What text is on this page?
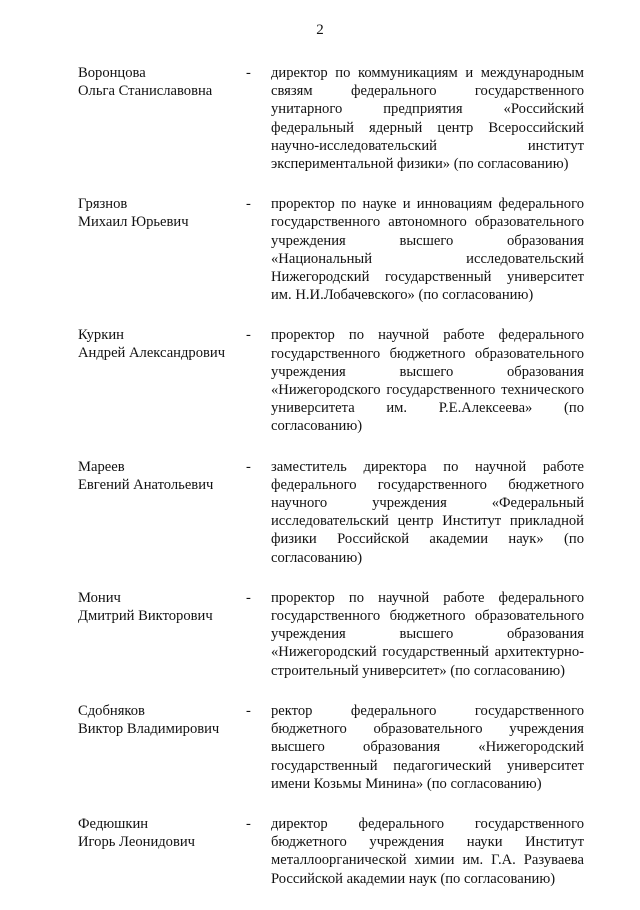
2
Воронцова
Ольга Станиславовна
- директор по коммуникациям и международным связям федерального государственного унитарного предприятия «Российский федеральный ядерный центр Всероссийский научно-исследовательский институт экспериментальной физики» (по согласованию)
Грязнов
Михаил Юрьевич
- проректор по науке и инновациям федерального государственного автономного образовательного учреждения высшего образования «Национальный исследовательский Нижегородский государственный университет им. Н.И.Лобачевского» (по согласованию)
Куркин
Андрей Александрович
- проректор по научной работе федерального государственного бюджетного образовательного учреждения высшего образования «Нижегородского государственного технического университета им. Р.Е.Алексеева» (по согласованию)
Мареев
Евгений Анатольевич
- заместитель директора по научной работе федерального государственного бюджетного научного учреждения «Федеральный исследовательский центр Институт прикладной физики Российской академии наук» (по согласованию)
Монич
Дмитрий Викторович
- проректор по научной работе федерального государственного бюджетного образовательного учреждения высшего образования «Нижегородский государственный архитектурно-строительный университет» (по согласованию)
Сдобняков
Виктор Владимирович
- ректор федерального государственного бюджетного образовательного учреждения высшего образования «Нижегородский государственный педагогический университет имени Козьмы Минина» (по согласованию)
Федюшкин
Игорь Леонидович
- директор федерального государственного бюджетного учреждения науки Институт металлоорганической химии им. Г.А. Разуваева Российской академии наук (по согласованию)
